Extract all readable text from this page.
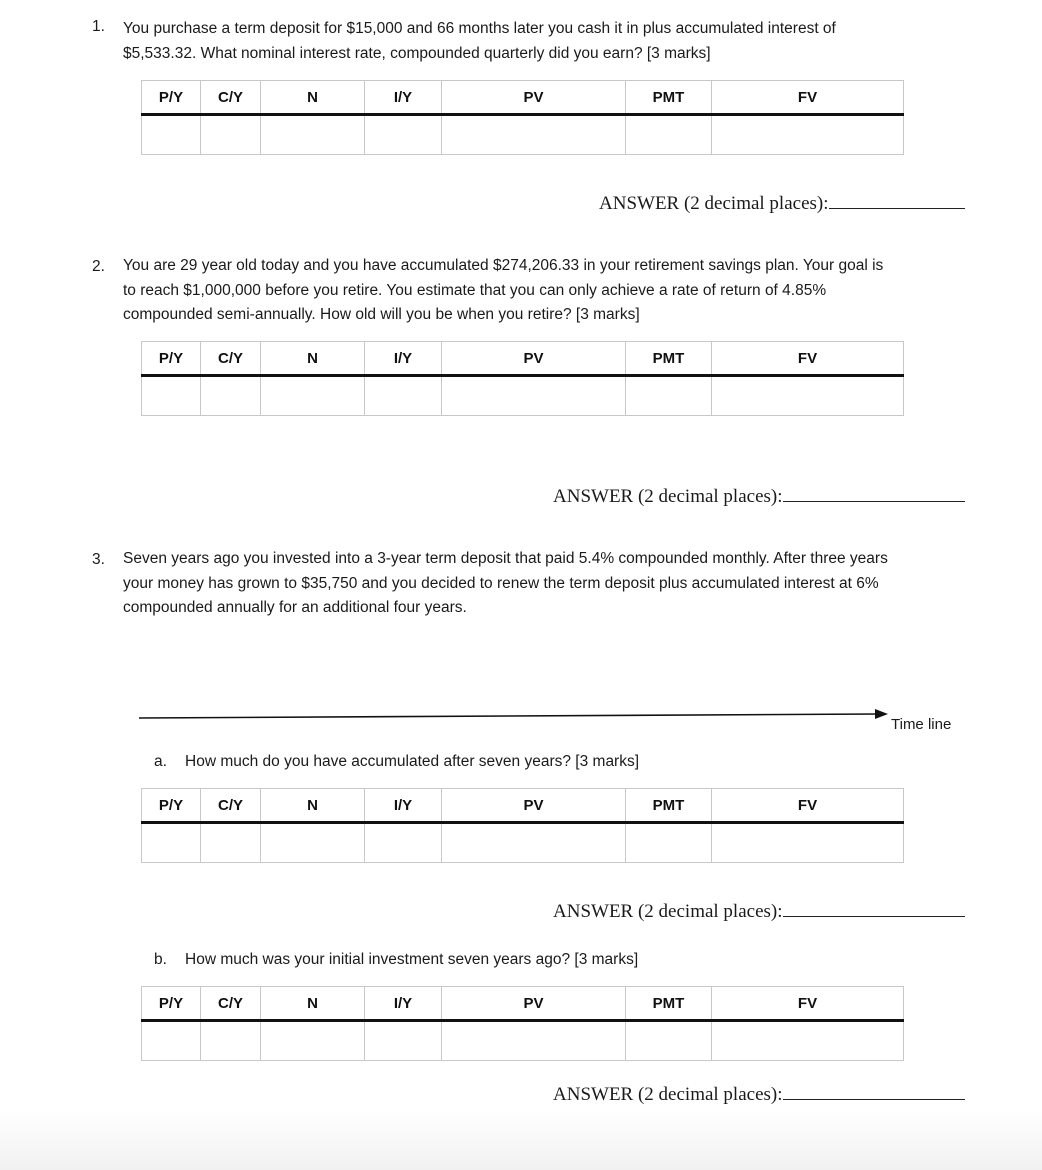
1. You purchase a term deposit for $15,000 and 66 months later you cash it in plus accumulated interest of
$5,533.32. What nominal interest rate, compounded quarterly did you earn? [3 marks]
P/Y	C/Y	N	I/Y	PV	PMT	FV

ANSWER (2 decimal places):
2. You are 29 year old today and you have accumulated $274,206.33 in your retirement savings plan. Your goal is
to reach $1,000,000 before you retire. You estimate that you can only achieve a rate of return of 4.85%
compounded semi-annually. How old will you be when you retire? [3 marks]
P/Y	C/Y	N	I/Y	PV	PMT	FV

ANSWER (2 decimal places):
3. Seven years ago you invested into a 3-year term deposit that paid 5.4% compounded monthly. After three years
your money has grown to $35,750 and you decided to renew the term deposit plus accumulated interest at 6%
compounded annually for an additional four years.
Time line
a. How much do you have accumulated after seven years? [3 marks]
P/Y	C/Y	N	I/Y	PV	PMT	FV

ANSWER (2 decimal places):
b. How much was your initial investment seven years ago? [3 marks]
P/Y	C/Y	N	I/Y	PV	PMT	FV

ANSWER (2 decimal places):
